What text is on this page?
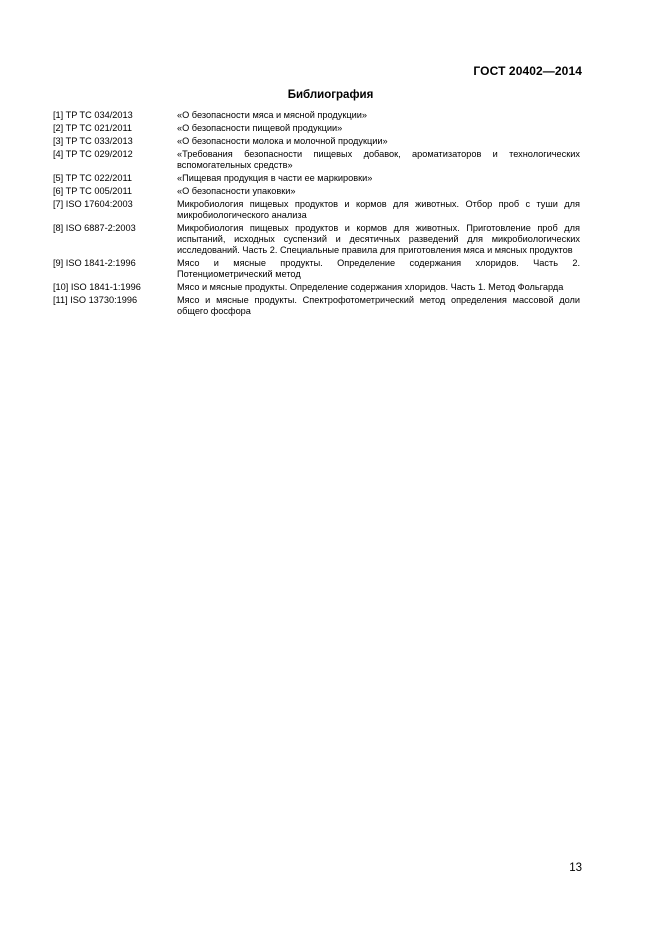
ГОСТ 20402—2014
Библиография
[1] TP TC 034/2013	«О безопасности мяса и мясной продукции»
[2] TP TC 021/2011	«О безопасности пищевой продукции»
[3] TP TC 033/2013	«О безопасности молока и молочной продукции»
[4] TP TC 029/2012	«Требования безопасности пищевых добавок, ароматизаторов и технологических вспомогательных средств»
[5] TP TC 022/2011	«Пищевая продукция в части ее маркировки»
[6] TP TC 005/2011	«О безопасности упаковки»
[7] ISO 17604:2003	Микробиология пищевых продуктов и кормов для животных. Отбор проб с туши для микробиологического анализа
[8] ISO 6887-2:2003	Микробиология пищевых продуктов и кормов для животных. Приготовление проб для испытаний, исходных суспензий и десятичных разведений для микробиологических исследований. Часть 2. Специальные правила для приготовления мяса и мясных продуктов
[9] ISO 1841-2:1996	Мясо и мясные продукты. Определение содержания хлоридов. Часть 2. Потенциометрический метод
[10] ISO 1841-1:1996	Мясо и мясные продукты. Определение содержания хлоридов. Часть 1. Метод Фольгарда
[11] ISO 13730:1996	Мясо и мясные продукты. Спектрофотометрический метод определения массовой доли общего фосфора
13
